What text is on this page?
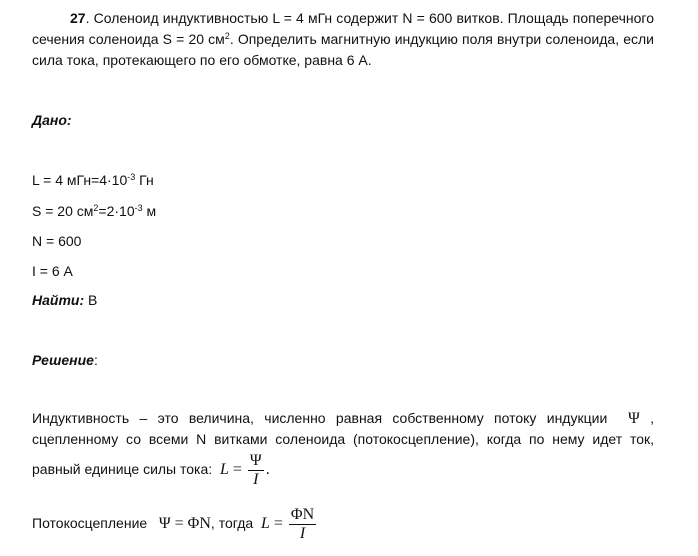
27. Соленоид индуктивностью L = 4 мГн содержит N = 600 витков. Площадь поперечного
сечения соленоида S = 20 $см^2$. Определить магнитную индукцию поля внутри соленоида, если
сила тока, протекающего по его обмотке, равна 6 А.
Дано:
L = 4 $мГн=4\cdot 10^{-3}$ Гн
S = 20 $см^2=2\cdot 10^{-3}$ м
N = 600
I = 6 А
Найти: B
Решение:
Индуктивность – это величина, численно равная собственному потоку индукции Ψ ,
сцепленному со всеми N витками соленоида (потокосцепление), когда по нему идет ток,
равный единице силы тока: $L = \frac{\Psi}{I}$ .
Потокосцепление Ψ = ΦN, тогда $L = \frac{\Phi N}{I}$
